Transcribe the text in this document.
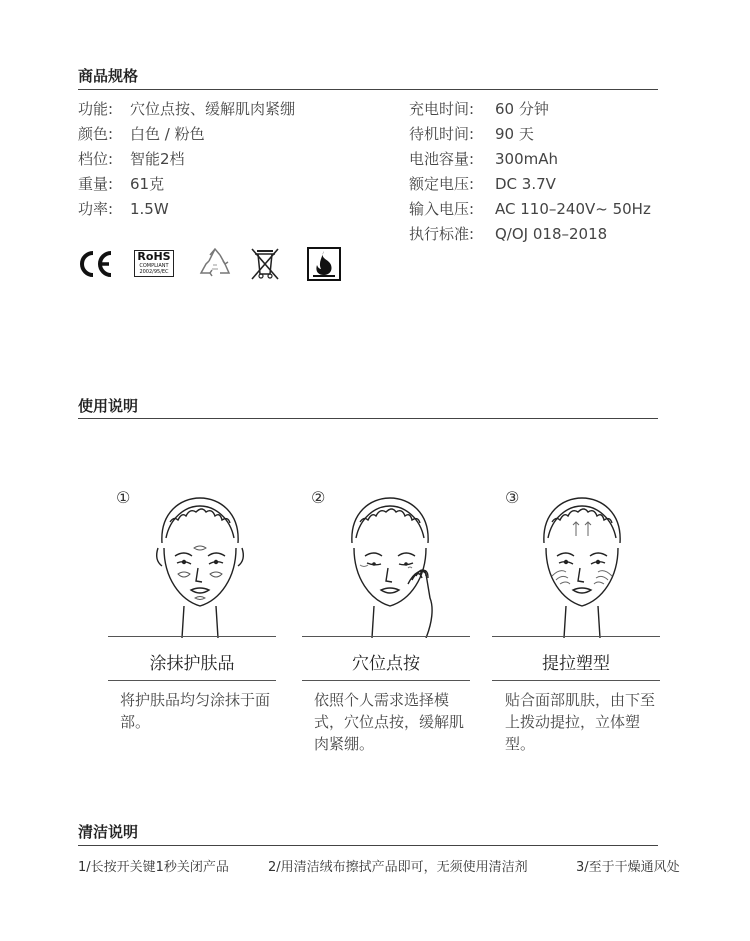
商品规格
功能:	穴位点按、缓解肌肉紧绷
颜色:	白色 / 粉色
档位:	智能2档
重量:	61克
功率:	1.5W
充电时间:	60 分钟
待机时间:	90 天
电池容量:	300mAh
额定电压:	DC 3.7V
输入电压:	AC 110–240V~ 50Hz
执行标准:	Q/OJ 018–2018
RoHS
COMPLIANT
2002/95/EC
使用说明
①
涂抹护肤品
将护肤品均匀涂抹于面部。
②
穴位点按
依照个人需求选择模式，穴位点按，缓解肌肉紧绷。
③
提拉塑型
贴合面部肌肤，由下至上拨动提拉，立体塑型。
清洁说明
1/长按开关键1秒关闭产品	2/用清洁绒布擦拭产品即可，无须使用清洁剂	3/至于干燥通风处
